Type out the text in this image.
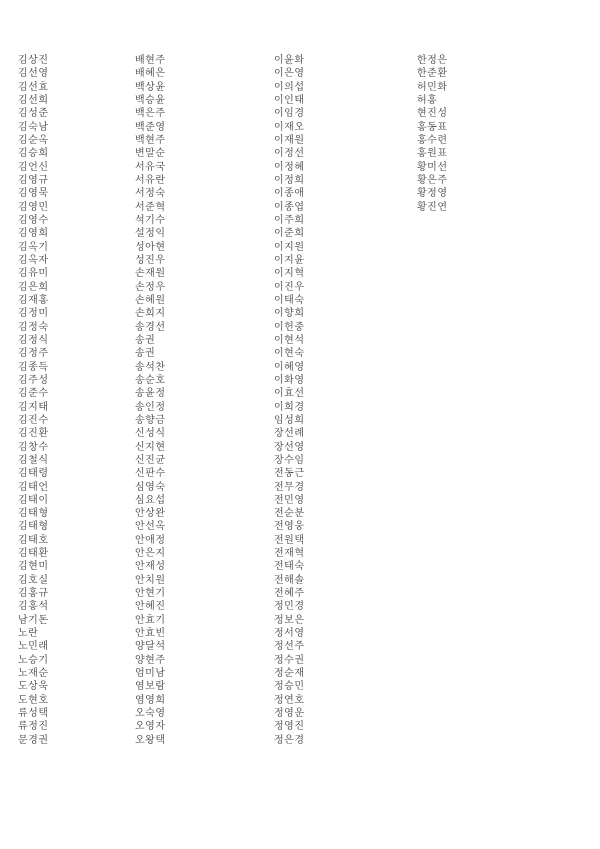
김상진
김선영
김선효
김선희
김성준
김숙남
김순옥
김승희
김언신
김영규
김영묵
김영민
김영수
김영희
김옥기
김옥자
김유미
김은희
김재홍
김정미
김정숙
김정식
김정주
김종득
김주성
김준수
김지태
김진수
김진환
김창수
김철식
김태령
김태언
김태이
김태형
김태형
김태호
김태환
김현미
김호실
김홍규
김홍석
남기돈
노란
노민래
노승기
노재순
도상욱
도현호
류성택
류정진
문경권
배현주
배혜은
백상윤
백승윤
백은주
백준영
백현주
변말순
서유국
서유란
서정숙
서준혁
석기수
설정익
성아현
성진우
손재원
손정우
손혜원
손희지
송경선
송권
송권
송석찬
송순호
송윤정
송인정
송향금
신성식
신지현
신진균
신판수
심영숙
심요섭
안상완
안선옥
안애정
안은지
안재성
안치원
안현기
안혜진
안효기
안효빈
양달석
양현주
엄미남
염보람
염영희
오숙영
오영자
오왕택
이윤화
이은영
이의섭
이인태
이임경
이재오
이재원
이정선
이정혜
이정희
이종애
이종엽
이주희
이준희
이지원
이지윤
이지혁
이진우
이태숙
이향희
이헌중
이현석
이현숙
이혜영
이화영
이효선
이희경
임성희
장선례
장선영
장수임
전동근
전무경
전민영
전순분
전영웅
전원택
전재혁
전태숙
전해솔
전혜주
정민경
정보은
정서영
정선주
정수권
정순재
정승민
정연호
정영운
정영진
정은경
한정은
한준환
허민화
허홍
현진성
홍동표
홍수련
홍원표
황미선
황은주
황정영
황진연
